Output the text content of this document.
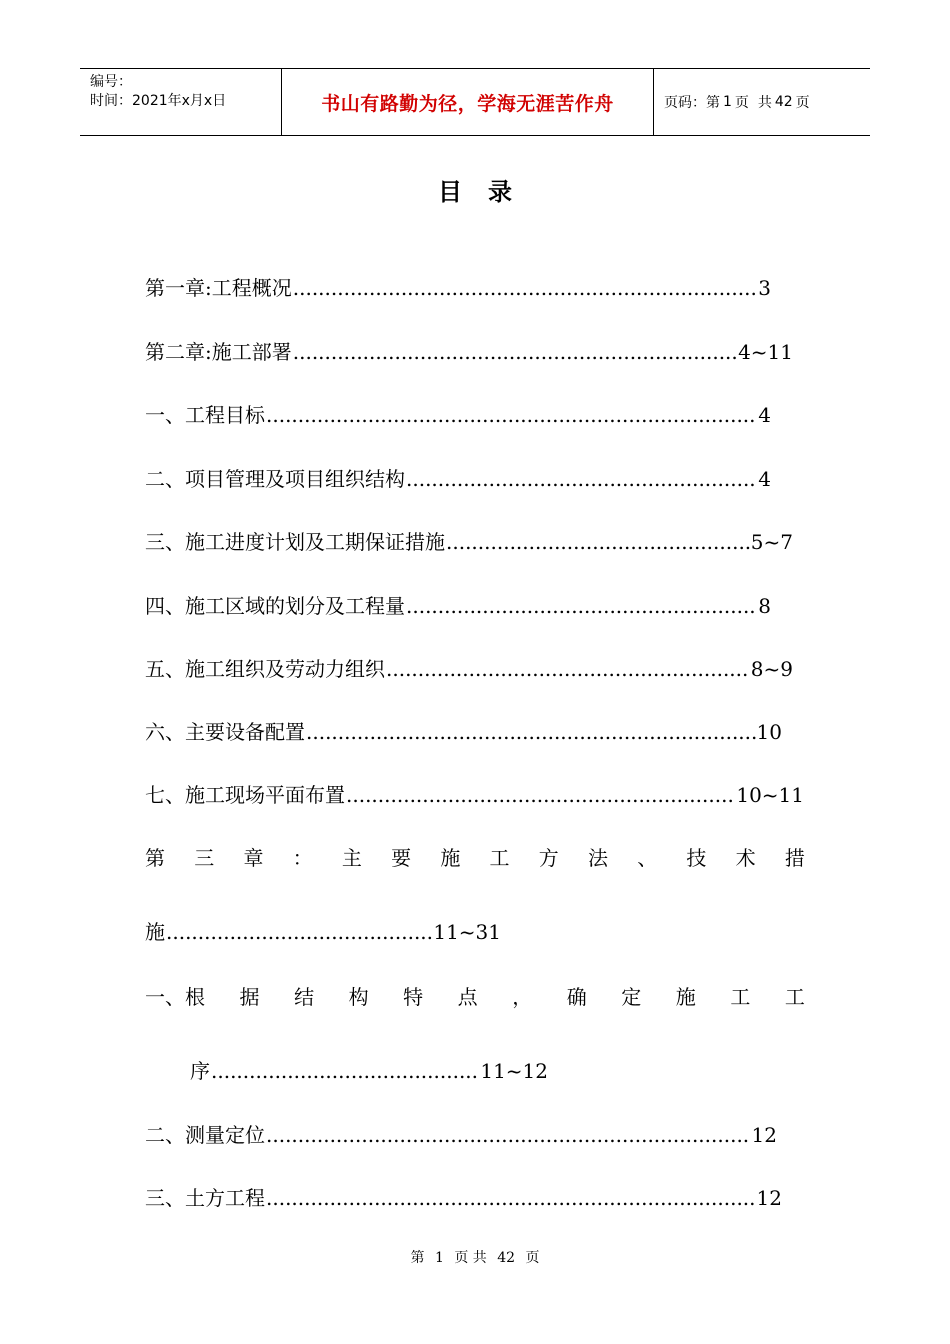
编号：
时间：2021年x月x日	书山有路勤为径，学海无涯苦作舟	页码：第 1 页  共 42 页
目录
第一章:工程概况 .....	3
第二章:施工部署 .....	4~11
一、工程目标 .....	4
二、项目管理及项目组织结构 .....	4
三、施工进度计划及工期保证措施 .....	5~7
四、施工区域的划分及工程量 .....	8
五、施工组织及劳动力组织 .....	8~9
六、主要设备配置 .....	10
七、施工现场平面布置 .....	10~11
第 三 章 ： 主 要 施 工 方 法 、 技 术 措
施 .....	11~31
一、根 据 结 构 特 点 ， 确 定 施 工 工
序 .....	11~12
二、测量定位 .....	12
三、土方工程 .....	12
第 1 页 共 42 页
